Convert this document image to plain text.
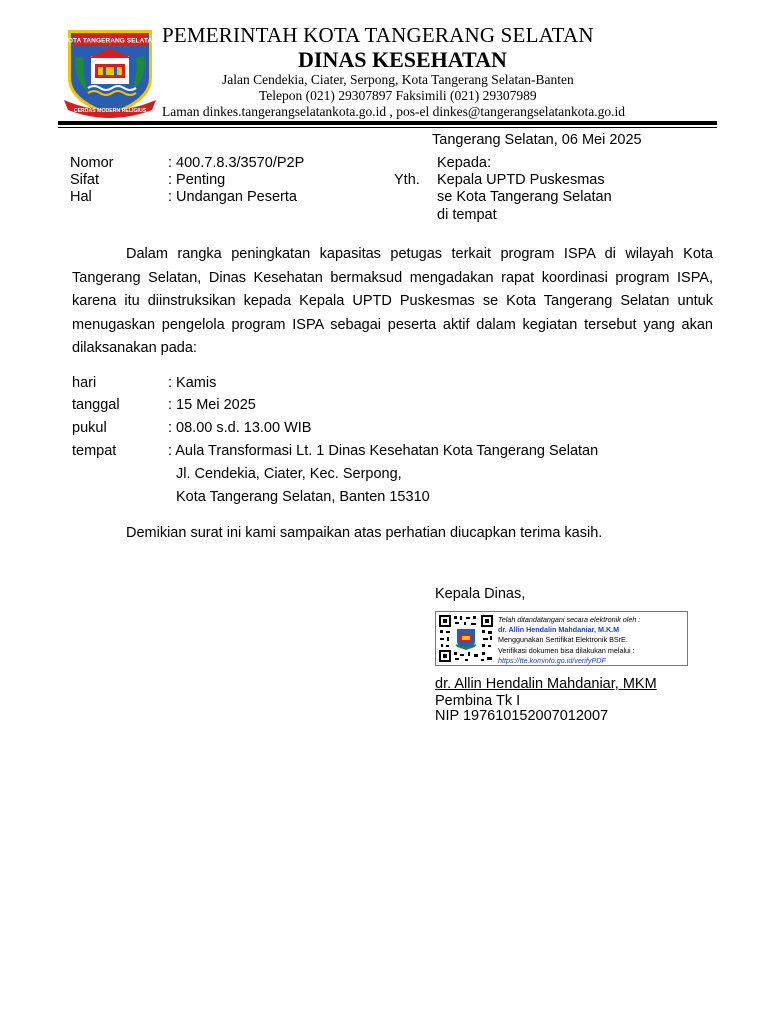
KOTA TANGERANG SELATAN
CERDAS MODERN RELIGIUS
PEMERINTAH KOTA TANGERANG SELATAN
DINAS KESEHATAN
Jalan Cendekia, Ciater, Serpong, Kota Tangerang Selatan-Banten
Telepon (021) 29307897 Faksimili (021) 29307989
Laman dinkes.tangerangselatankota.go.id , pos-el dinkes@tangerangselatankota.go.id
Tangerang Selatan, 06 Mei 2025
Nomor	: 400.7.8.3/3570/P2P
Sifat	: Penting
Hal	: Undangan Peserta
Kepada:
Yth. Kepala UPTD Puskesmas
se Kota Tangerang Selatan
di tempat
Dalam rangka peningkatan kapasitas petugas terkait program ISPA di wilayah Kota Tangerang Selatan, Dinas Kesehatan bermaksud mengadakan rapat koordinasi program ISPA, karena itu diinstruksikan kepada Kepala UPTD Puskesmas se Kota Tangerang Selatan untuk menugaskan pengelola program ISPA sebagai peserta aktif dalam kegiatan tersebut yang akan dilaksanakan pada:
hari	: Kamis
tanggal	: 15 Mei 2025
pukul	: 08.00 s.d. 13.00 WIB
tempat	: Aula Transformasi Lt. 1 Dinas Kesehatan Kota Tangerang Selatan
Jl. Cendekia, Ciater, Kec. Serpong,
Kota Tangerang Selatan, Banten 15310
Demikian surat ini kami sampaikan atas perhatian diucapkan terima kasih.
Kepala Dinas,
Telah ditandatangani secara elektronik oleh :
dr. Allin Hendalin Mahdaniar, M.K.M
Menggunakan Sertifikat Elektronik BSrE.
Verifikasi dokumen bisa dilakukan melalui :
https://tte.kominfo.go.id/verifyPDF
dr. Allin Hendalin Mahdaniar, MKM
Pembina Tk I
NIP 197610152007012007
